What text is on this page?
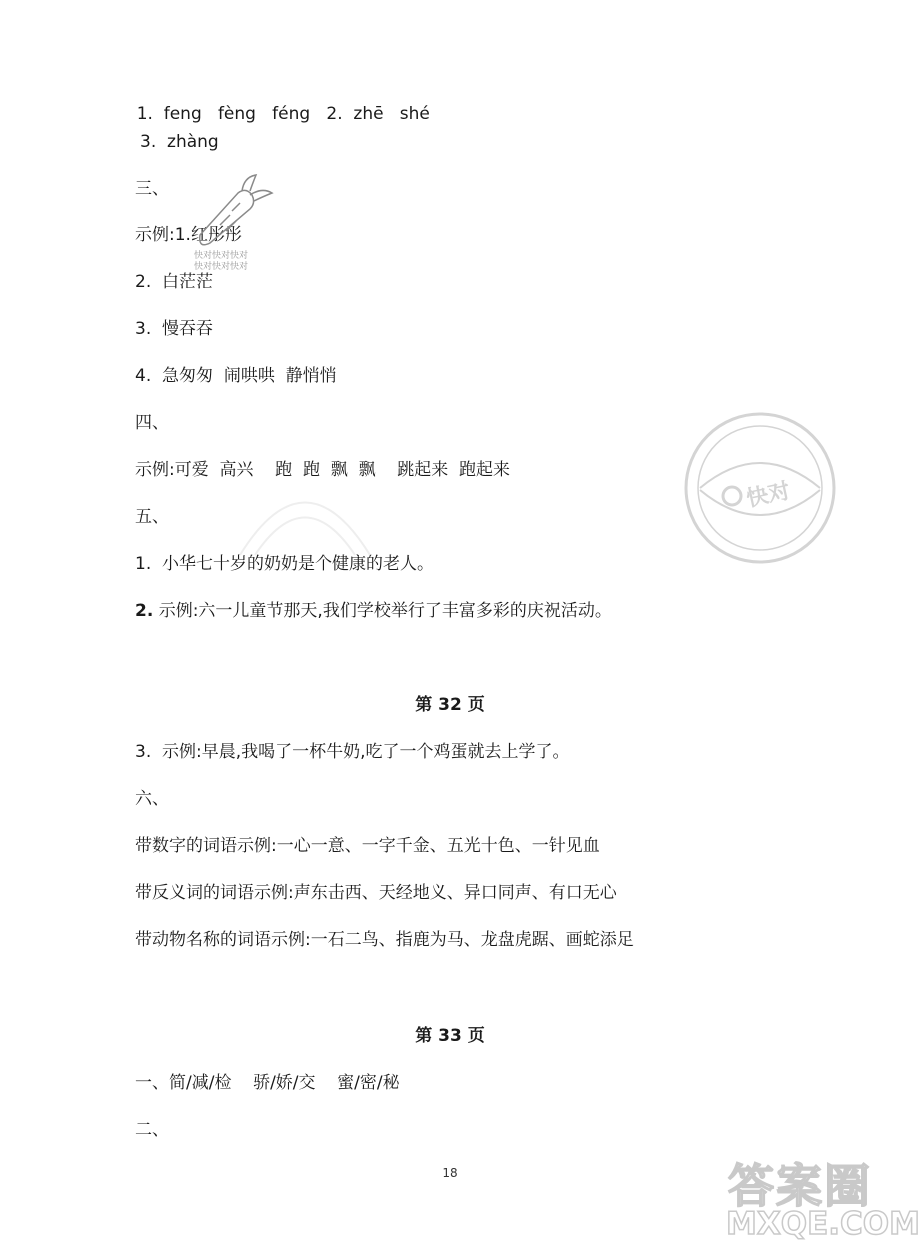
 1.  feng   fèng   féng   2.  zhē   shé
3.  zhàng
三、
示例:1.红彤彤
2.  白茫茫
3.  慢吞吞
4.  急匆匆  闹哄哄  静悄悄
四、
示例:可爱  高兴    跑  跑  飘  飘    跳起来  跑起来
五、
1.  小华七十岁的奶奶是个健康的老人。
2. 示例:六一儿童节那天,我们学校举行了丰富多彩的庆祝活动。
第 32 页
3.  示例:早晨,我喝了一杯牛奶,吃了一个鸡蛋就去上学了。
六、
带数字的词语示例:一心一意、一字千金、五光十色、一针见血
带反义词的词语示例:声东击西、天经地义、异口同声、有口无心
带动物名称的词语示例:一石二鸟、指鹿为马、龙盘虎踞、画蛇添足
第 33 页
一、简/减/检    骄/娇/交    蜜/密/秘
二、
18
快对快对快对
快对快对快对
快对
答案圈
MXQE.COM
